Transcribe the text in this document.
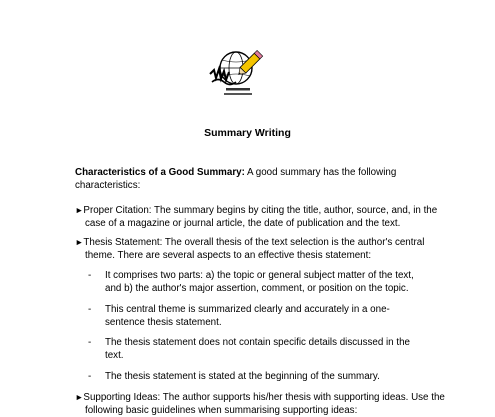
Summary Writing
Characteristics of a Good Summary: A good summary has the following characteristics:
►Proper Citation: The summary begins by citing the title, author, source, and, in the case of a magazine or journal article, the date of publication and the text.
►Thesis Statement: The overall thesis of the text selection is the author's central theme. There are several aspects to an effective thesis statement:
- It comprises two parts: a) the topic or general subject matter of the text, and b) the author's major assertion, comment, or position on the topic.
- This central theme is summarized clearly and accurately in a one-sentence thesis statement.
- The thesis statement does not contain specific details discussed in the text.
- The thesis statement is stated at the beginning of the summary.
►Supporting Ideas: The author supports his/her thesis with supporting ideas. Use the following basic guidelines when summarising supporting ideas:
